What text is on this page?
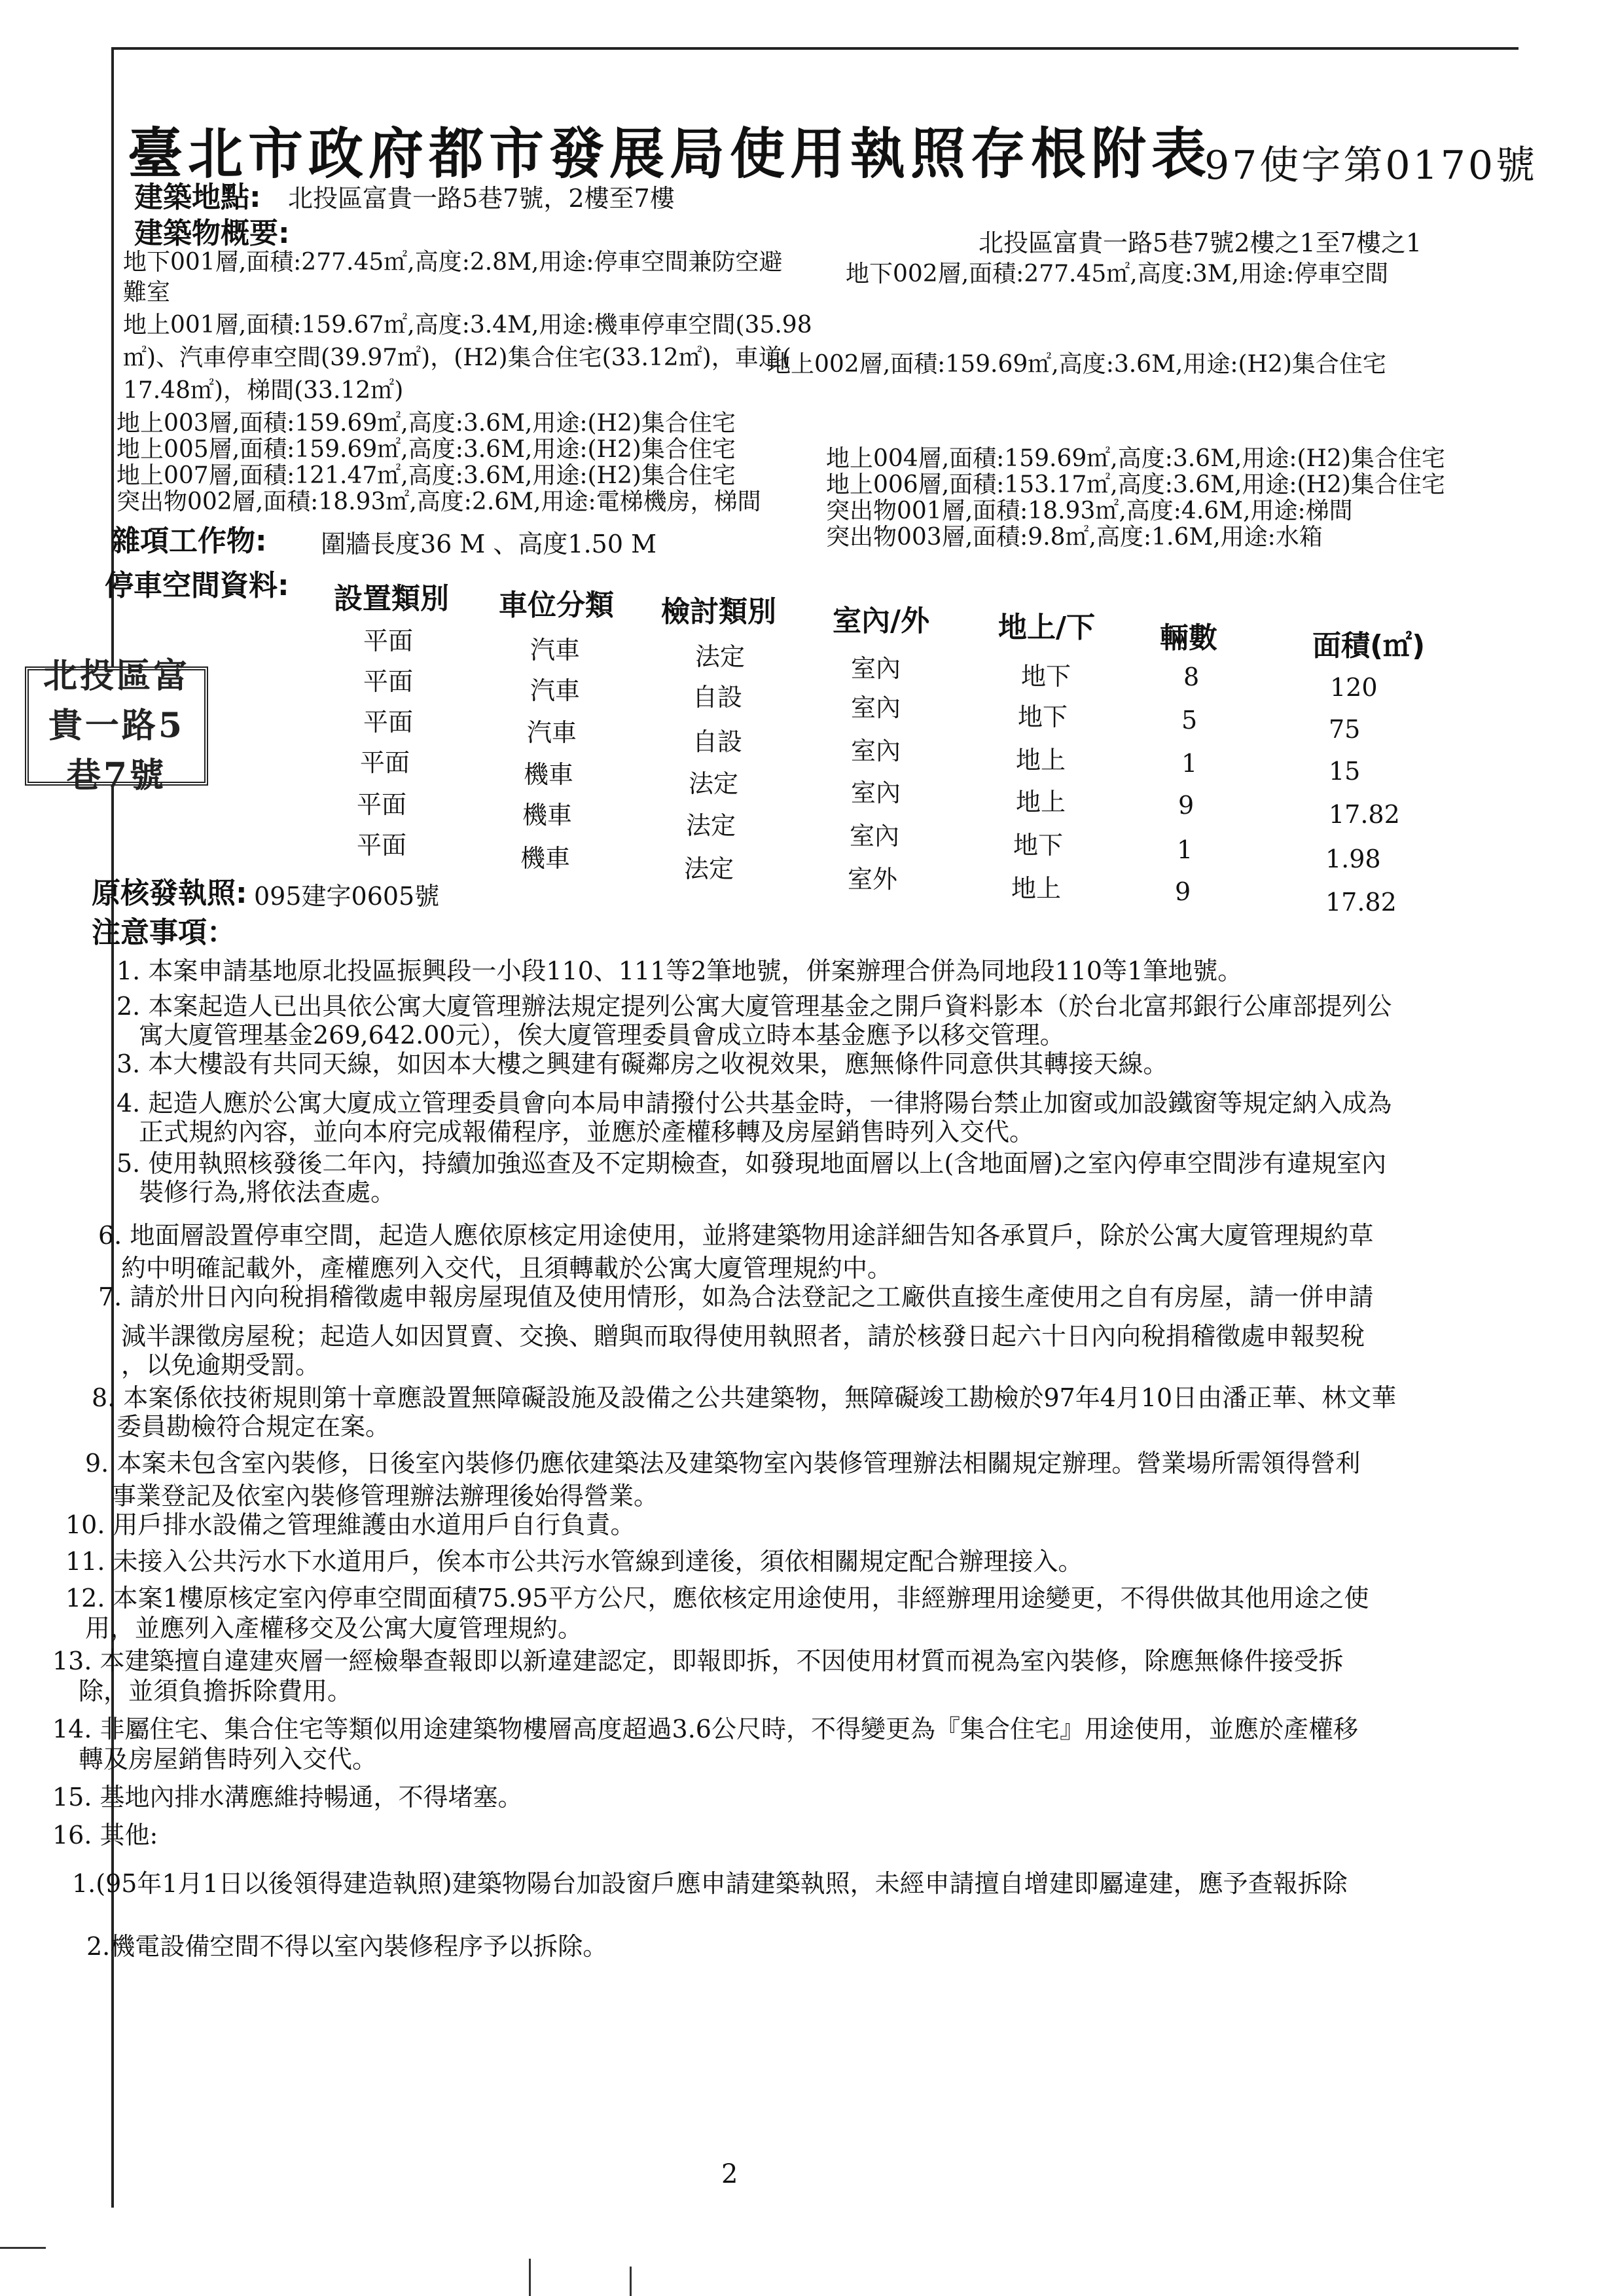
臺北市政府都市發展局使用執照存根附表
97使字第0170號
建築地點: 北投區富貴一路5巷7號，2樓至7樓
北投區富貴一路5巷7號2樓之1至7樓之1
建築物概要:
地下001層,面積:277.45㎡,高度:2.8M,用途:停車空間兼防空避
難室
地下002層,面積:277.45㎡,高度:3M,用途:停車空間
地上001層,面積:159.67㎡,高度:3.4M,用途:機車停車空間(35.98
㎡)、汽車停車空間(39.97㎡)，(H2)集合住宅(33.12㎡)，車道(
17.48㎡)，梯間(33.12㎡)
地上002層,面積:159.69㎡,高度:3.6M,用途:(H2)集合住宅
地上003層,面積:159.69㎡,高度:3.6M,用途:(H2)集合住宅
地上005層,面積:159.69㎡,高度:3.6M,用途:(H2)集合住宅
地上007層,面積:121.47㎡,高度:3.6M,用途:(H2)集合住宅
突出物002層,面積:18.93㎡,高度:2.6M,用途:電梯機房，梯間
地上004層,面積:159.69㎡,高度:3.6M,用途:(H2)集合住宅
地上006層,面積:153.17㎡,高度:3.6M,用途:(H2)集合住宅
突出物001層,面積:18.93㎡,高度:4.6M,用途:梯間
突出物003層,面積:9.8㎡,高度:1.6M,用途:水箱
雜項工作物: 圍牆長度36 M 、高度1.50 M
停車空間資料: 設置類別 車位分類 檢討類別 室內/外 地上/下 輛數	面積(㎡)
平面	汽車	法定	室內	地下	8	120
平面	汽車	自設	室內	地下	5	75
平面	汽車	自設	室內	地上	1	15
平面	機車	法定	室內	地上	9	17.82
平面	機車	法定	室內	地下	1	1.98
平面	機車	法定	室外	地上	9	17.82
北投區富貴一路5巷7號
原核發執照: 095建字0605號
注意事項：
1. 本案申請基地原北投區振興段一小段110、111等2筆地號，併案辦理合併為同地段110等1筆地號。
2. 本案起造人已出具依公寓大廈管理辦法規定提列公寓大廈管理基金之開戶資料影本（於台北富邦銀行公庫部提列公
寓大廈管理基金269,642.00元），俟大廈管理委員會成立時本基金應予以移交管理。
3. 本大樓設有共同天線，如因本大樓之興建有礙鄰房之收視效果，應無條件同意供其轉接天線。
4. 起造人應於公寓大廈成立管理委員會向本局申請撥付公共基金時，一律將陽台禁止加窗或加設鐵窗等規定納入成為
正式規約內容，並向本府完成報備程序，並應於產權移轉及房屋銷售時列入交代。
5. 使用執照核發後二年內，持續加強巡查及不定期檢查，如發現地面層以上(含地面層)之室內停車空間涉有違規室內
裝修行為,將依法查處。
6. 地面層設置停車空間，起造人應依原核定用途使用，並將建築物用途詳細告知各承買戶，除於公寓大廈管理規約草
約中明確記載外，產權應列入交代，且須轉載於公寓大廈管理規約中。
7. 請於卅日內向稅捐稽徵處申報房屋現值及使用情形，如為合法登記之工廠供直接生產使用之自有房屋，請一併申請
減半課徵房屋稅；起造人如因買賣、交換、贈與而取得使用執照者，請於核發日起六十日內向稅捐稽徵處申報契稅
，以免逾期受罰。
8. 本案係依技術規則第十章應設置無障礙設施及設備之公共建築物，無障礙竣工勘檢於97年4月10日由潘正華、林文華
委員勘檢符合規定在案。
9. 本案未包含室內裝修，日後室內裝修仍應依建築法及建築物室內裝修管理辦法相關規定辦理。營業場所需領得營利
事業登記及依室內裝修管理辦法辦理後始得營業。
10. 用戶排水設備之管理維護由水道用戶自行負責。
11. 未接入公共污水下水道用戶，俟本市公共污水管線到達後，須依相關規定配合辦理接入。
12. 本案1樓原核定室內停車空間面積75.95平方公尺，應依核定用途使用，非經辦理用途變更，不得供做其他用途之使
用，並應列入產權移交及公寓大廈管理規約。
13. 本建築擅自違建夾層一經檢舉查報即以新違建認定，即報即拆，不因使用材質而視為室內裝修，除應無條件接受拆
除，並須負擔拆除費用。
14. 非屬住宅、集合住宅等類似用途建築物樓層高度超過3.6公尺時，不得變更為『集合住宅』用途使用，並應於產權移
轉及房屋銷售時列入交代。
15. 基地內排水溝應維持暢通，不得堵塞。
16. 其他:
1.(95年1月1日以後領得建造執照)建築物陽台加設窗戶應申請建築執照，未經申請擅自增建即屬違建，應予查報拆除
2.機電設備空間不得以室內裝修程序予以拆除。
2
